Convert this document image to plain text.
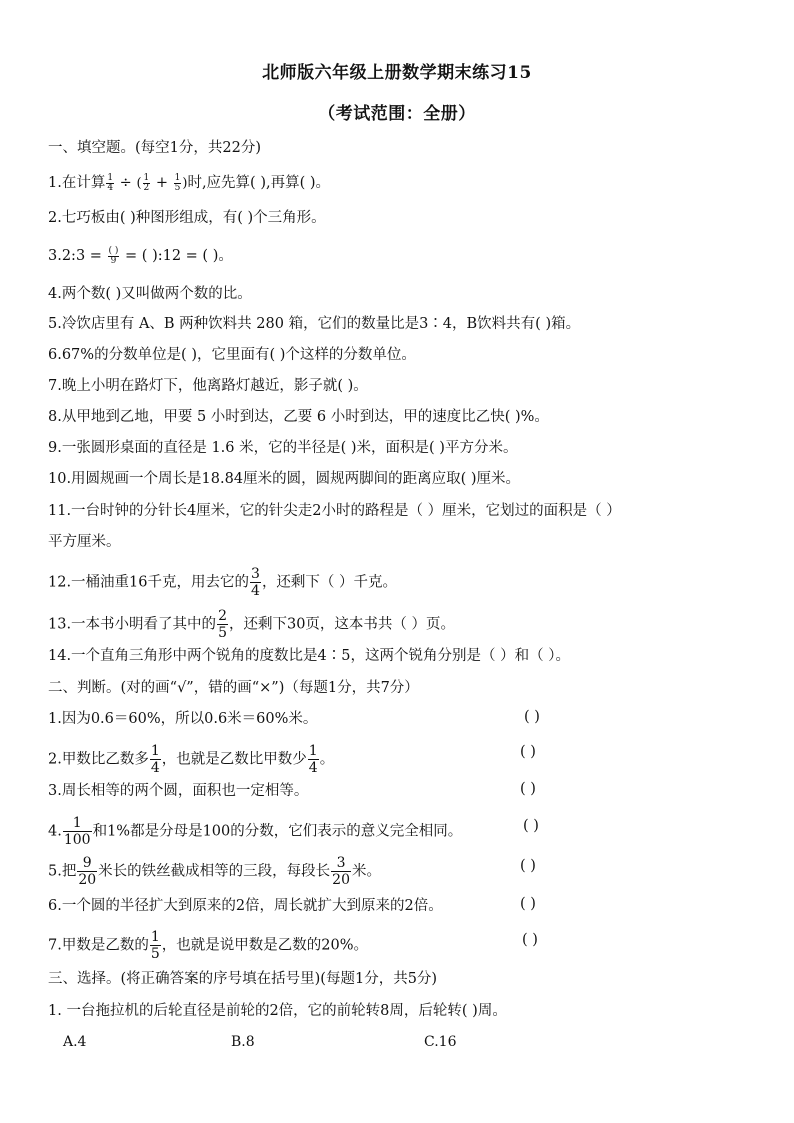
北师版六年级上册数学期末练习15
（考试范围：全册）
一、填空题。(每空1分，共22分)
1.在计算 $\frac{1}{4}$ ÷ ( $\frac{1}{2} + \frac{1}{5}$ )时,应先算( ),再算( )。
2.七巧板由( )种图形组成，有( )个三角形。
3.2:3 = $\frac{( )}{9}$ = ( ):12 = ( )。
4.两个数( )又叫做两个数的比。
5.冷饮店里有 A、B 两种饮料共 280 箱，它们的数量比是3∶4，B饮料共有( )箱。
6.67%的分数单位是( )，它里面有( )个这样的分数单位。
7.晚上小明在路灯下，他离路灯越近，影子就( )。
8.从甲地到乙地，甲要 5 小时到达，乙要 6 小时到达，甲的速度比乙快( )%。
9.一张圆形桌面的直径是 1.6 米，它的半径是( )米，面积是( )平方分米。
10.用圆规画一个周长是18.84厘米的圆，圆规两脚间的距离应取( )厘米。
11.一台时钟的分针长4厘米，它的针尖走2小时的路程是（ ）厘米，它划过的面积是（ ）
平方厘米。
12.一桶油重16千克，用去它的 $\frac{3}{4}$ ，还剩下（ ）千克。
13.一本书小明看了其中的 $\frac{2}{5}$ ，还剩下30页，这本书共（ ）页。
14.一个直角三角形中两个锐角的度数比是4∶5，这两个锐角分别是（ ）和（ ）。
二、判断。(对的画“√”，错的画“×”)（每题1分，共7分）
1.因为0.6＝60%，所以0.6米＝60%米。	( )
2.甲数比乙数多 $\frac{1}{4}$ ，也就是乙数比甲数少 $\frac{1}{4}$ 。	( )
3.周长相等的两个圆，面积也一定相等。	( )
4. $\frac{1}{100}$ 和1%都是分母是100的分数，它们表示的意义完全相同。	( )
5.把 $\frac{9}{20}$ 米长的铁丝截成相等的三段，每段长 $\frac{3}{20}$ 米。	( )
6.一个圆的半径扩大到原来的2倍，周长就扩大到原来的2倍。	( )
7.甲数是乙数的 $\frac{1}{5}$ ，也就是说甲数是乙数的20%。	( )
三、选择。(将正确答案的序号填在括号里)(每题1分，共5分)
1. 一台拖拉机的后轮直径是前轮的2倍，它的前轮转8周，后轮转( )周。
A.4	B.8	C.16
